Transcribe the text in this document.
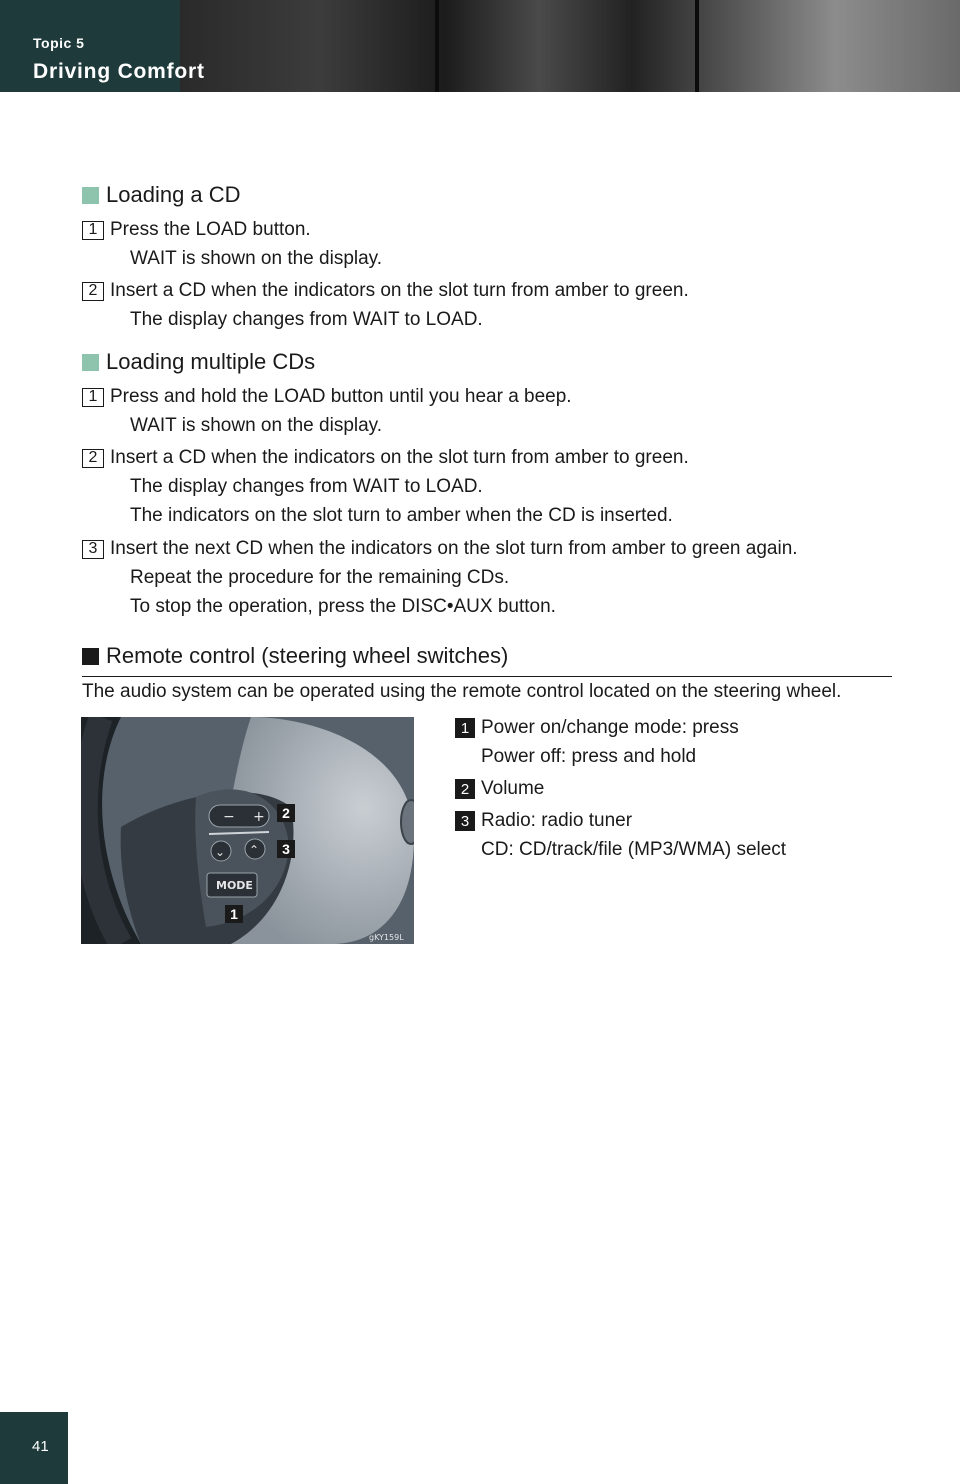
Topic 5
Driving Comfort
Loading a CD
1 Press the LOAD button.
WAIT is shown on the display.
2 Insert a CD when the indicators on the slot turn from amber to green.
The display changes from WAIT to LOAD.
Loading multiple CDs
1 Press and hold the LOAD button until you hear a beep.
WAIT is shown on the display.
2 Insert a CD when the indicators on the slot turn from amber to green.
The display changes from WAIT to LOAD.
The indicators on the slot turn to amber when the CD is inserted.
3 Insert the next CD when the indicators on the slot turn from amber to green again.
Repeat the procedure for the remaining CDs.
To stop the operation, press the DISC•AUX button.
Remote control (steering wheel switches)
The audio system can be operated using the remote control located on the steering wheel.
− +
⌄ ⌃
MODE
gKY159L
2
3
1
1 Power on/change mode: press
Power off: press and hold
2 Volume
3 Radio: radio tuner
CD: CD/track/file (MP3/WMA) select
41
